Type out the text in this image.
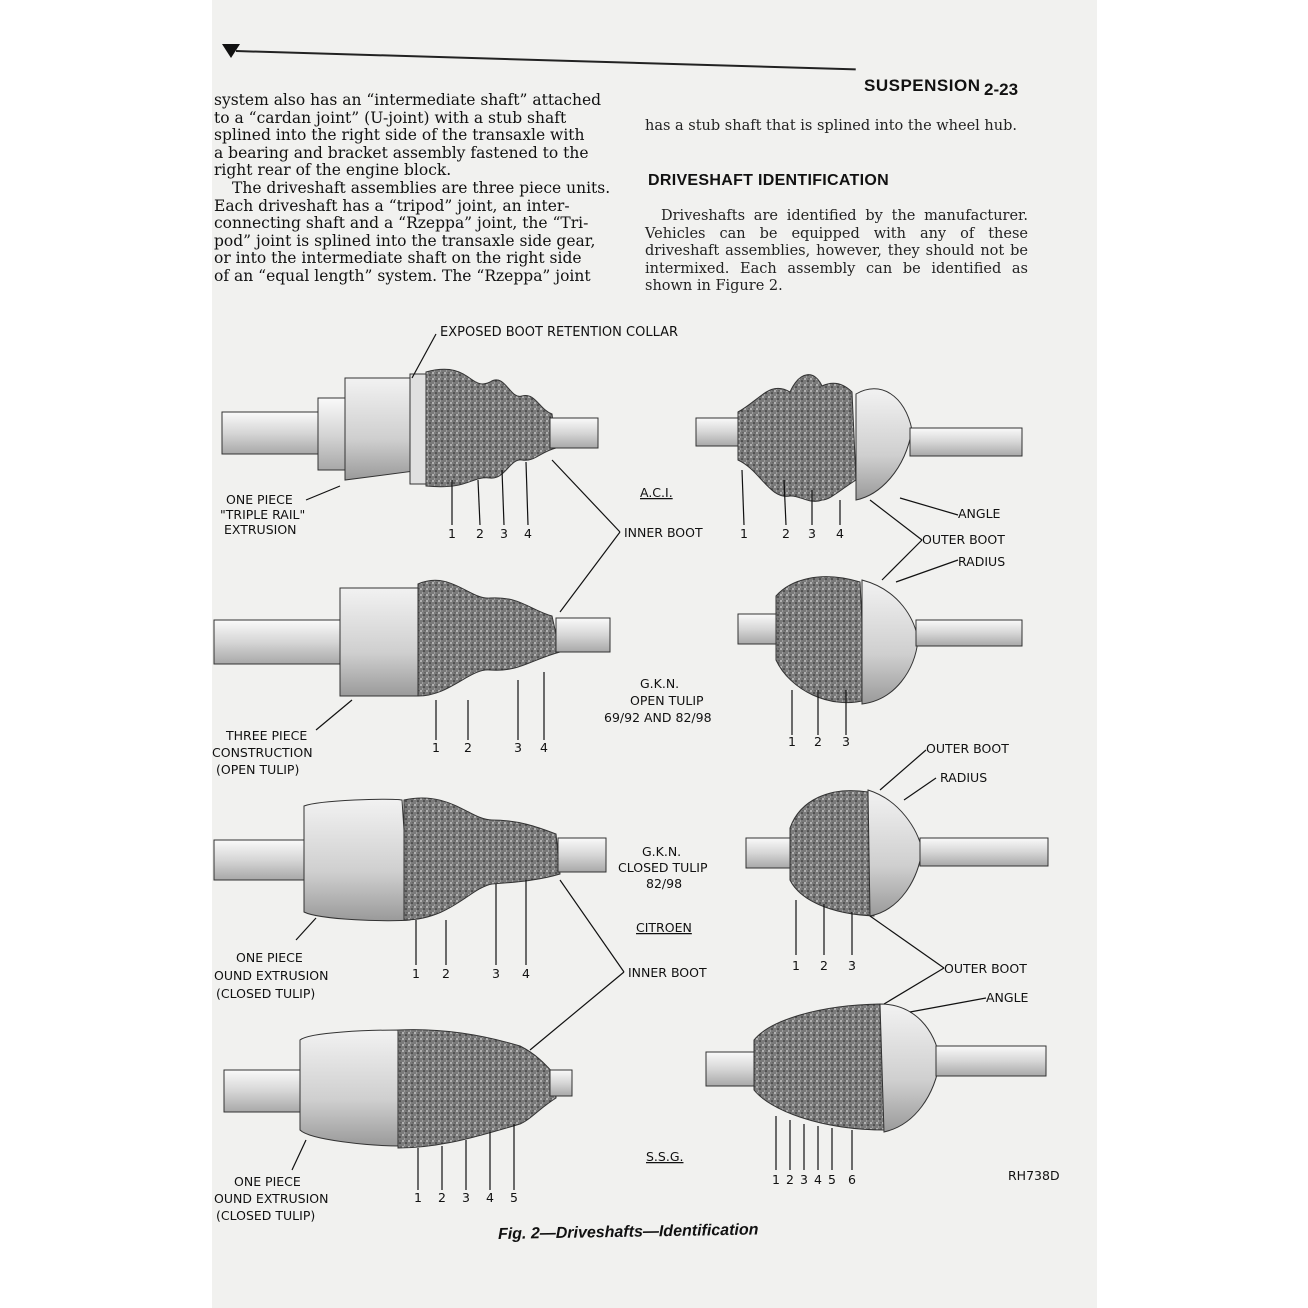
SUSPENSION 2-23

system also has an “intermediate shaft” attached

to a “cardan joint” (U-joint) with a stub shaft

splined into the right side of the transaxle with

a bearing and bracket assembly fastened to the

right rear of the engine block.

The driveshaft assemblies are three piece units.

Each driveshaft has a “tripod” joint, an inter-

connecting shaft and a “Rzeppa” joint, the “Tri-

pod” joint is splined into the transaxle side gear,

or into the intermediate shaft on the right side

of an “equal length” system. The “Rzeppa” joint

has a stub shaft that is splined into the wheel hub.

DRIVESHAFT IDENTIFICATION

Driveshafts are identified by the manufacturer. Vehicles can be equipped with any of these driveshaft assemblies, however, they should not be intermixed. Each assembly can be identified as shown in Figure 2.

EXPOSED BOOT RETENTION COLLAR
ONE PIECE
"TRIPLE RAIL"
EXTRUSION
THREE PIECE
CONSTRUCTION
(OPEN TULIP)
ONE PIECE
OUND EXTRUSION
(CLOSED TULIP)
ONE PIECE
OUND EXTRUSION
(CLOSED TULIP)
A.C.I.
G.K.N.
OPEN TULIP
69/92 AND 82/98
G.K.N.
CLOSED TULIP
82/98
CITROEN
S.S.G.
INNER BOOT
INNER BOOT
ANGLE
OUTER BOOT
RADIUS
OUTER BOOT
RADIUS
OUTER BOOT
ANGLE
1 2 3 4	1	2 3 4
1 2	3 4	1 2 3
1 2	3 4
1 2 3
1 2 3 4 5
1 2 3 4 5 6	RH738D
Fig. 2—Driveshafts—Identification
